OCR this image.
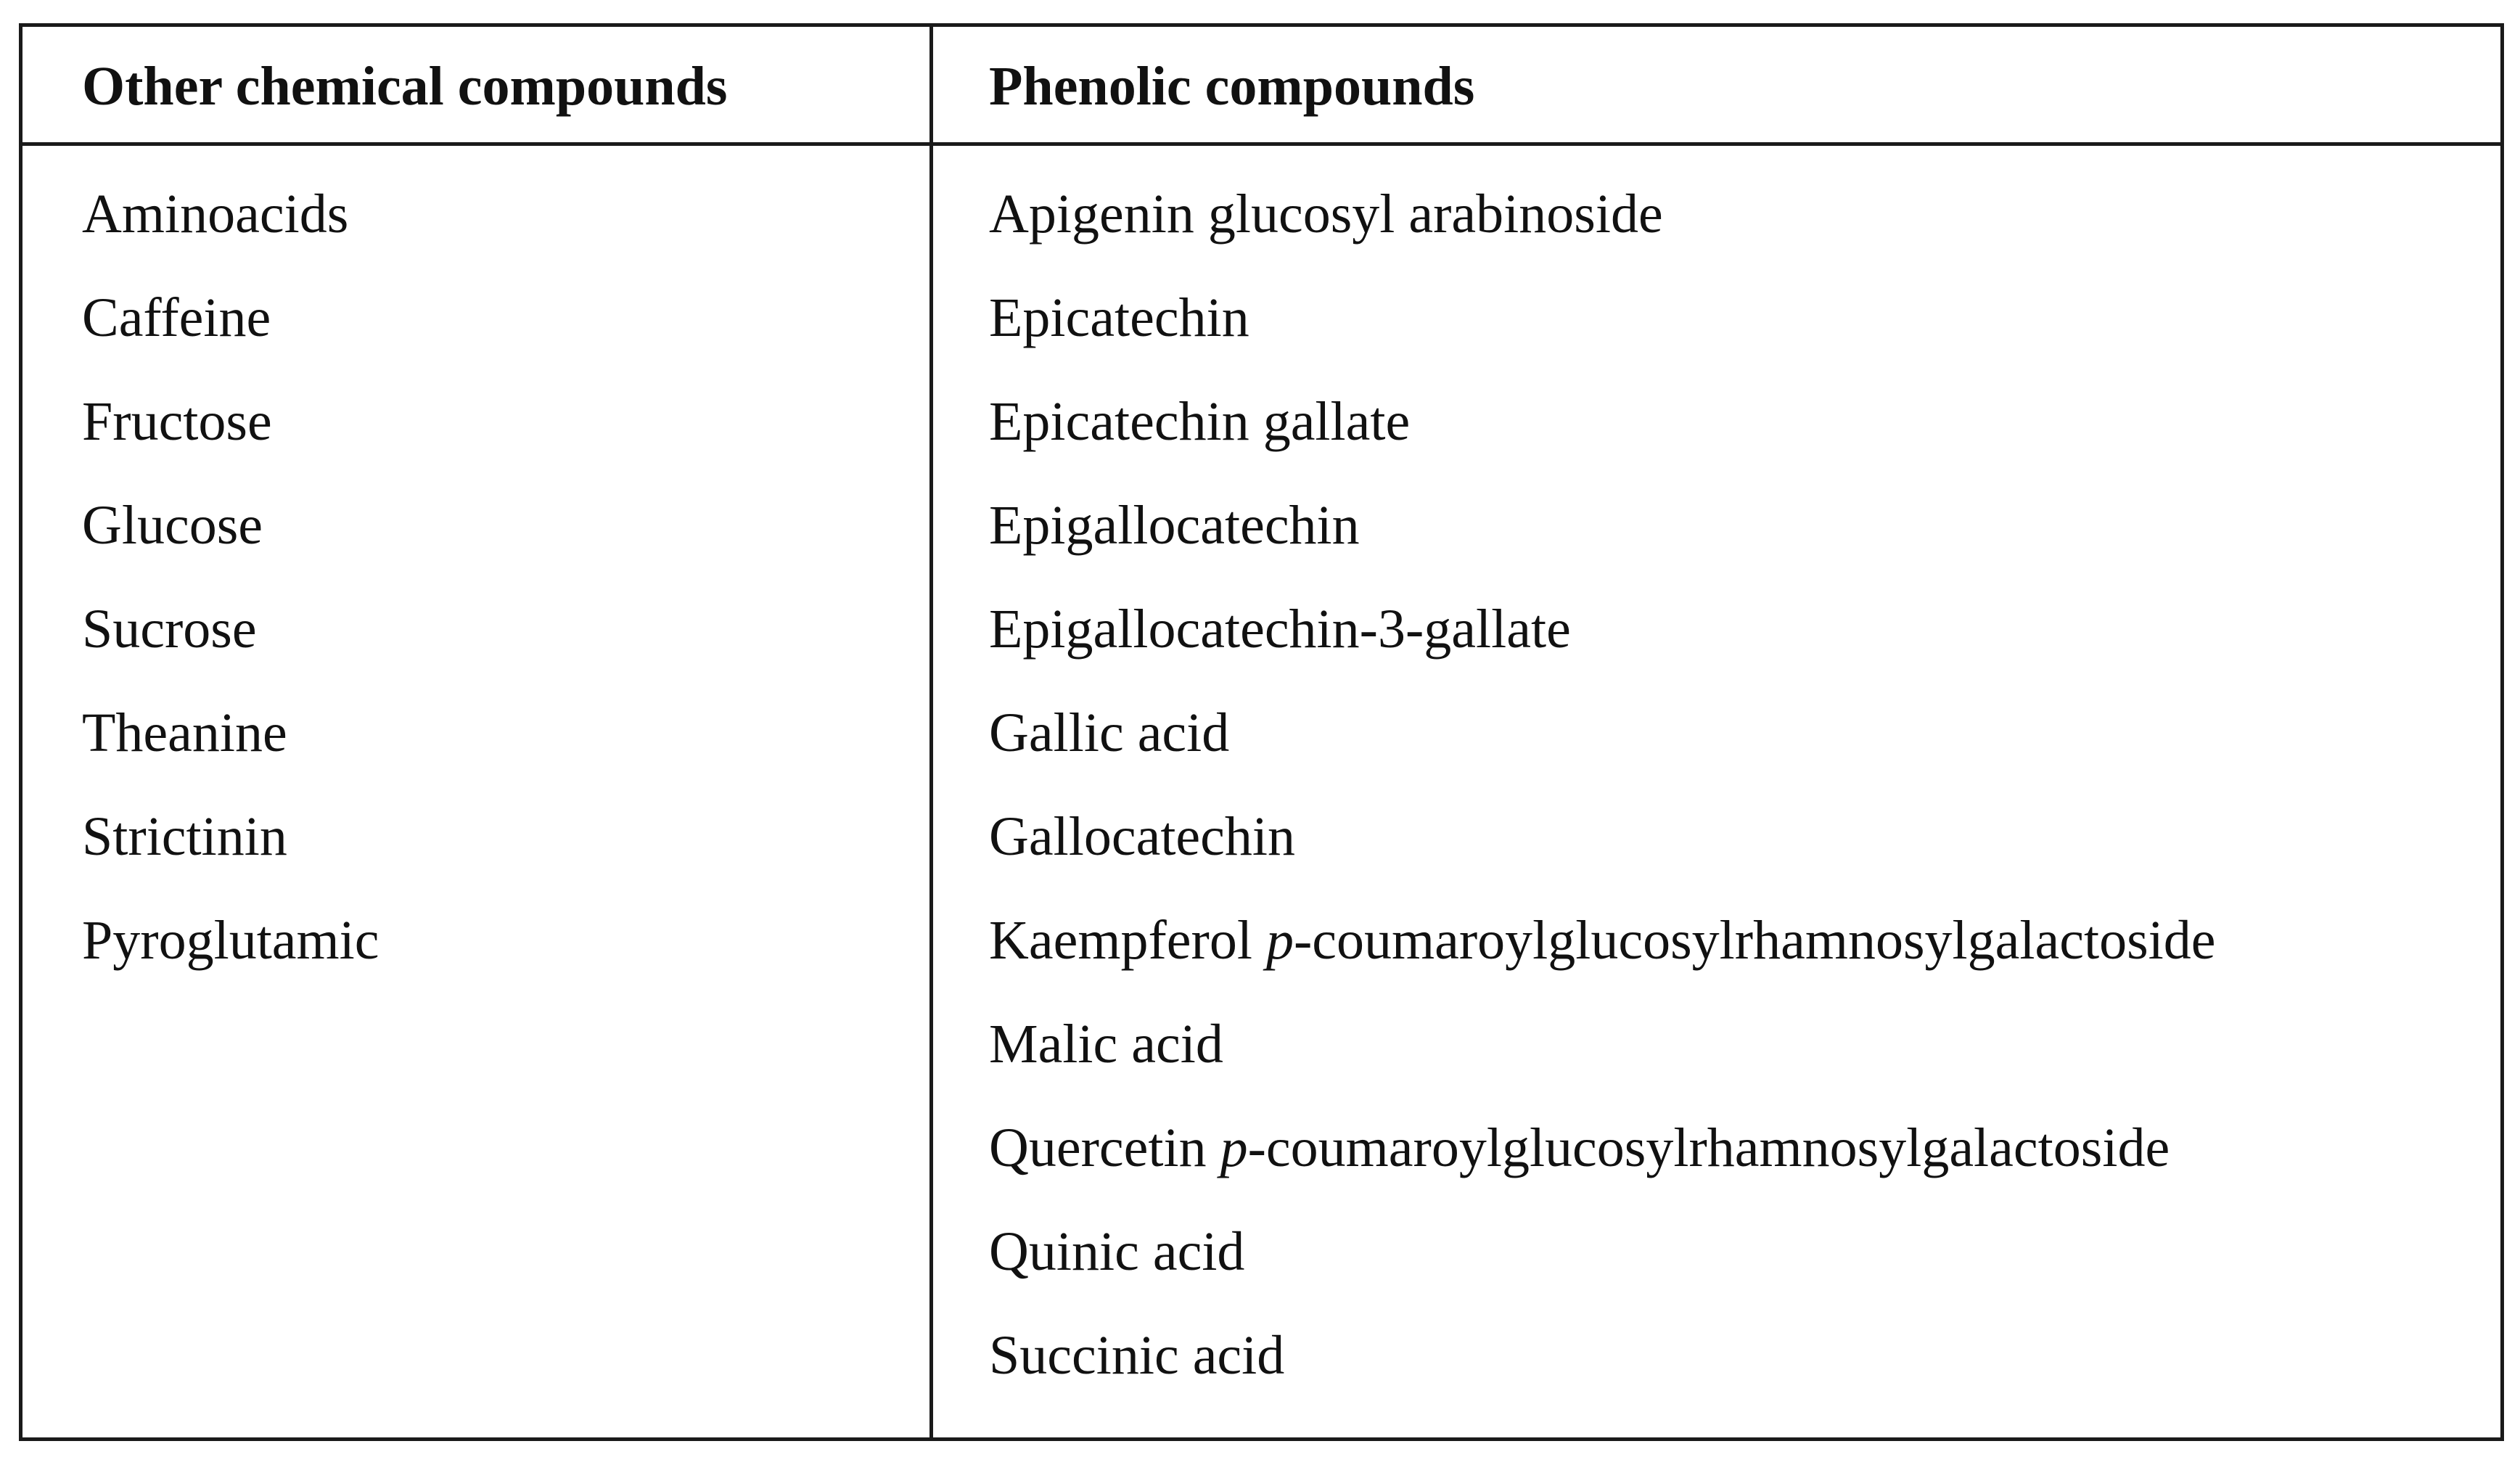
Other chemical compounds
Aminoacids
Caffeine
Fructose
Glucose
Sucrose
Theanine
Strictinin
Pyroglutamic
Phenolic compounds
Apigenin glucosyl arabinoside
Epicatechin
Epicatechin gallate
Epigallocatechin
Epigallocatechin-3-gallate
Gallic acid
Gallocatechin
Kaempferol p-coumaroylglucosylrhamnosylgalactoside
Malic acid
Quercetin p-coumaroylglucosylrhamnosylgalactoside
Quinic acid
Succinic acid
